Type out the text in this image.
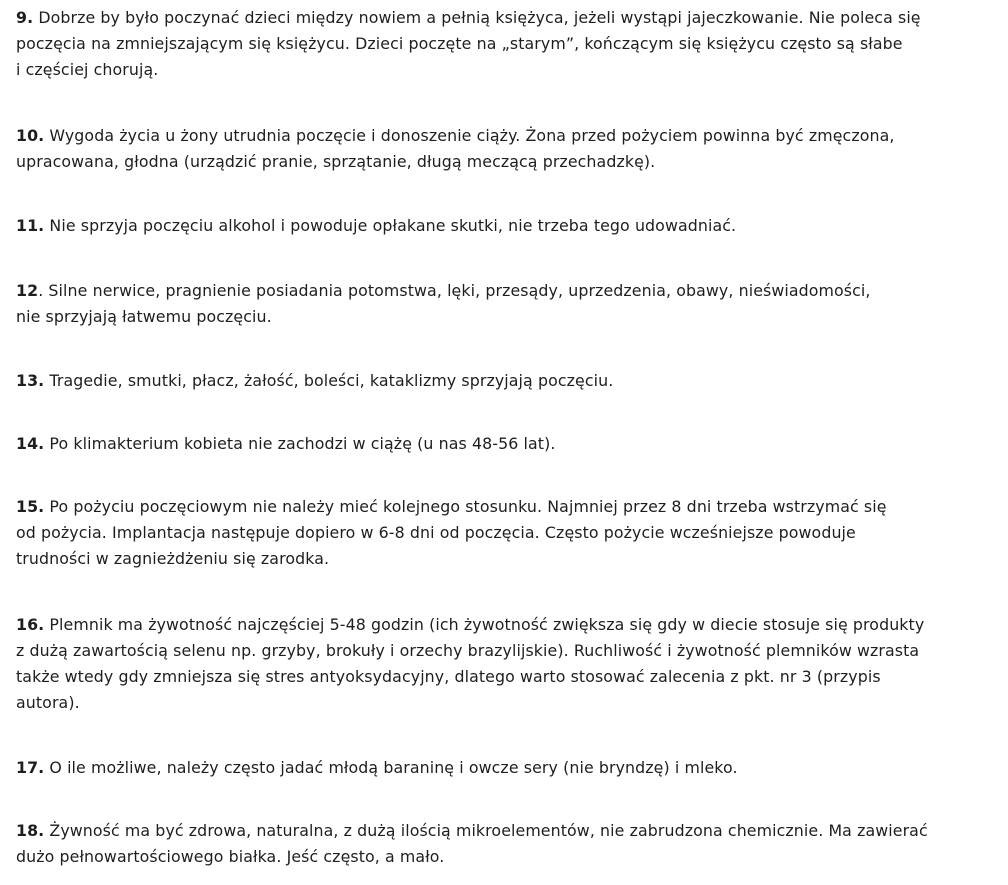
9. Dobrze by było poczynać dzieci między nowiem a pełnią księżyca, jeżeli wystąpi jajeczkowanie. Nie poleca się
poczęcia na zmniejszającym się księżycu. Dzieci poczęte na „starym”, kończącym się księżycu często są słabe
i częściej chorują.

10. Wygoda życia u żony utrudnia poczęcie i donoszenie ciąży. Żona przed pożyciem powinna być zmęczona,
upracowana, głodna (urządzić pranie, sprzątanie, długą meczącą przechadzkę).

11. Nie sprzyja poczęciu alkohol i powoduje opłakane skutki, nie trzeba tego udowadniać.

12. Silne nerwice, pragnienie posiadania potomstwa, lęki, przesądy, uprzedzenia, obawy, nieświadomości,
nie sprzyjają łatwemu poczęciu.

13. Tragedie, smutki, płacz, żałość, boleści, kataklizmy sprzyjają poczęciu.

14. Po klimakterium kobieta nie zachodzi w ciążę (u nas 48-56 lat).

15. Po pożyciu poczęciowym nie należy mieć kolejnego stosunku. Najmniej przez 8 dni trzeba wstrzymać się
od pożycia. Implantacja następuje dopiero w 6-8 dni od poczęcia. Często pożycie wcześniejsze powoduje
trudności w zagnieżdżeniu się zarodka.

16. Plemnik ma żywotność najczęściej 5-48 godzin (ich żywotność zwiększa się gdy w diecie stosuje się produkty
z dużą zawartością selenu np. grzyby, brokuły i orzechy brazylijskie). Ruchliwość i żywotność plemników wzrasta
także wtedy gdy zmniejsza się stres antyoksydacyjny, dlatego warto stosować zalecenia z pkt. nr 3 (przypis
autora).

17. O ile możliwe, należy często jadać młodą baraninę i owcze sery (nie bryndzę) i mleko.

18. Żywność ma być zdrowa, naturalna, z dużą ilością mikroelementów, nie zabrudzona chemicznie. Ma zawierać
dużo pełnowartościowego białka. Jeść często, a mało.
